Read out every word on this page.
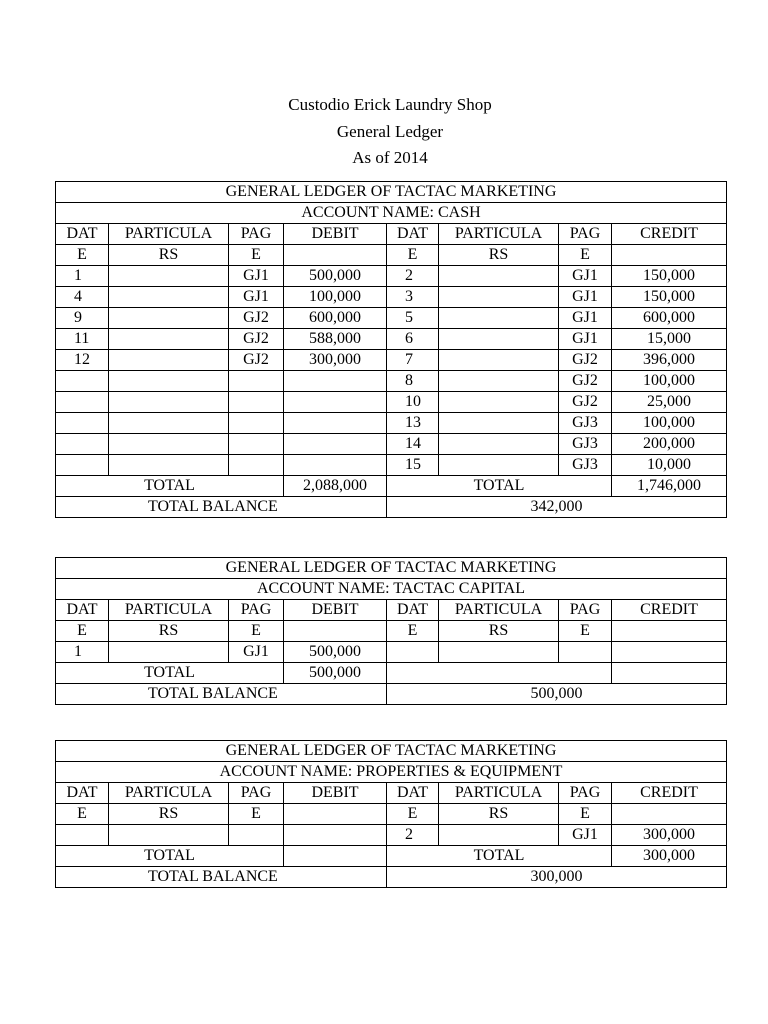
Custodio Erick Laundry Shop
General Ledger
As of 2014
GENERAL LEDGER OF TACTAC MARKETING							
ACCOUNT NAME: CASH							
DAT	PARTICULA	PAG	DEBIT	DAT	PARTICULA	PAG	CREDIT
E	RS	E		E	RS	E	
1		GJ1	500,000	2		GJ1	150,000
4		GJ1	100,000	3		GJ1	150,000
9		GJ2	600,000	5		GJ1	600,000
11		GJ2	588,000	6		GJ1	15,000
12		GJ2	300,000	7		GJ2	396,000
				8		GJ2	100,000
				10		GJ2	25,000
				13		GJ3	100,000
				14		GJ3	200,000
				15		GJ3	10,000
TOTAL			2,088,000	TOTAL			1,746,000
TOTAL BALANCE				342,000			
GENERAL LEDGER OF TACTAC MARKETING							
ACCOUNT NAME: TACTAC CAPITAL							
DAT	PARTICULA	PAG	DEBIT	DAT	PARTICULA	PAG	CREDIT
E	RS	E		E	RS	E	
1		GJ1	500,000				
TOTAL			500,000				
TOTAL BALANCE				500,000			
GENERAL LEDGER OF TACTAC MARKETING							
ACCOUNT NAME: PROPERTIES & EQUIPMENT							
DAT	PARTICULA	PAG	DEBIT	DAT	PARTICULA	PAG	CREDIT
E	RS	E		E	RS	E	
				2		GJ1	300,000
TOTAL				TOTAL			300,000
TOTAL BALANCE				300,000			
